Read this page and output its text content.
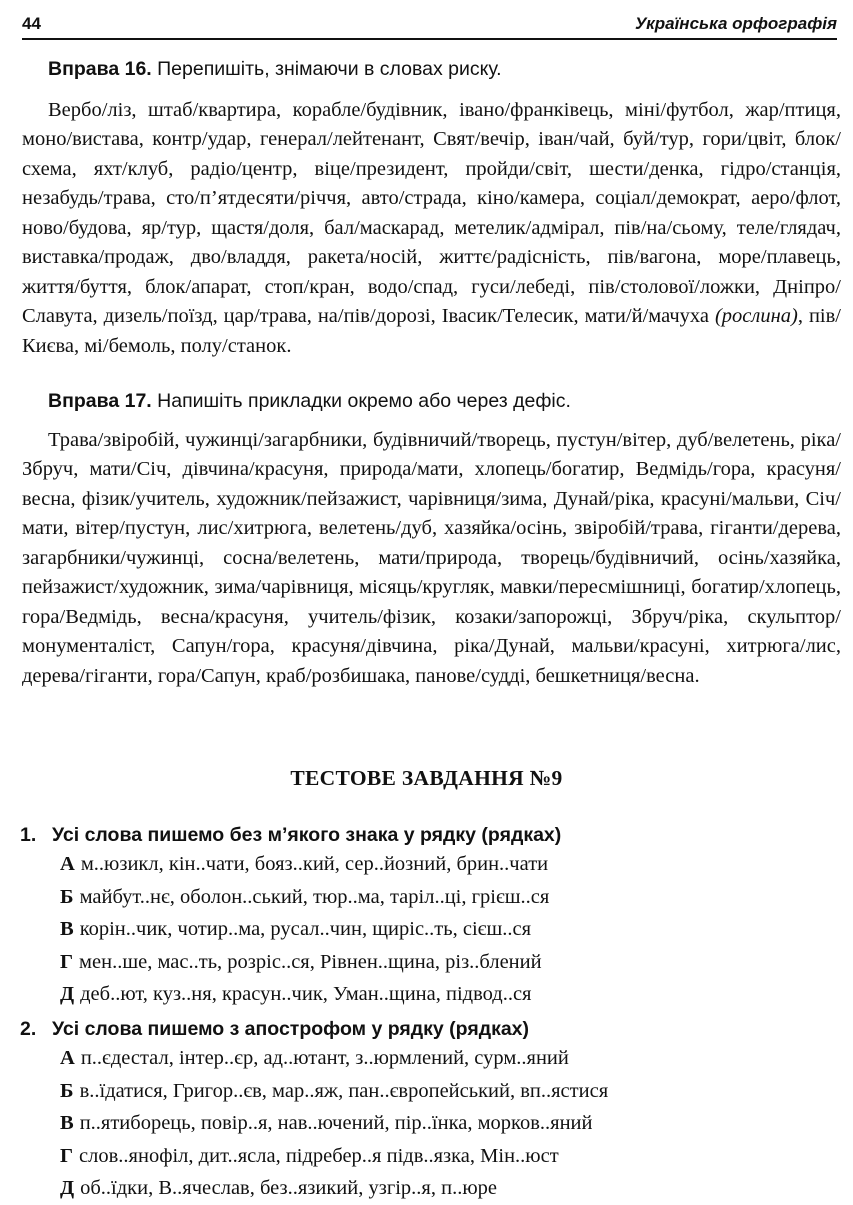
44	Українська орфографія
Вправа 16. Перепишіть, знімаючи в словах риску.

Вербо/ліз, штаб/квартира, корабле/будівник, івано/франківець, міні/футбол, жар/птиця, моно/вистава, контр/удар, генерал/лейтенант, Свят/вечір, іван/чай, буй/тур, гори/цвіт, блок/схема, яхт/клуб, радіо/центр, віце/президент, пройди/світ, шести/денка, гідро/станція, незабудь/трава, сто/п’ятдесяти/річчя, авто/страда, кіно/камера, соціал/демократ, аеро/флот, ново/будова, яр/тур, щастя/доля, бал/маскарад, метелик/адмірал, пів/на/сьому, теле/глядач, виставка/продаж, дво/владдя, ракета/носій, життє/радісність, пів/вагона, море/плавець, життя/буття, блок/апарат, стоп/кран, водо/спад, гуси/лебеді, пів/столової/ложки, Дніпро/Славута, дизель/поїзд, цар/трава, на/пів/дорозі, Івасик/Телесик, мати/й/мачуха (рослина), пів/Києва, мі/бемоль, полу/станок.

Вправа 17. Напишіть прикладки окремо або через дефіс.

Трава/звіробій, чужинці/загарбники, будівничий/творець, пустун/вітер, дуб/велетень, ріка/Збруч, мати/Січ, дівчина/красуня, природа/мати, хлопець/богатир, Ведмідь/гора, красуня/весна, фізик/учитель, художник/пейзажист, чарівниця/зима, Дунай/ріка, красуні/мальви, Січ/мати, вітер/пустун, лис/хитрюга, велетень/дуб, хазяйка/осінь, звіробій/трава, гіганти/дерева, загарбники/чужинці, сосна/велетень, мати/природа, творець/будівничий, осінь/хазяйка, пейзажист/художник, зима/чарівниця, місяць/кругляк, мавки/пересмішниці, богатир/хлопець, гора/Ведмідь, весна/красуня, учитель/фізик, козаки/запорожці, Збруч/ріка, скульптор/монументаліст, Сапун/гора, красуня/дівчина, ріка/Дунай, мальви/красуні, хитрюга/лис, дерева/гіганти, гора/Сапун, краб/розбишака, панове/судді, бешкетниця/весна.

ТЕСТОВЕ ЗАВДАННЯ №9
1. Усі слова пишемо без м’якого знака у рядку (рядках)
А м..юзикл, кін..чати, бояз..кий, сер..йозний, брин..чати
Б майбут..нє, оболон..ський, тюр..ма, таріл..ці, грієш..ся
В корін..чик, чотир..ма, русал..чин, щиріс..ть, сієш..ся
Г мен..ше, мас..ть, розріс..ся, Рівнен..щина, різ..блений
Д деб..ют, куз..ня, красун..чик, Уман..щина, підвод..ся
2. Усі слова пишемо з апострофом у рядку (рядках)
А п..єдестал, інтер..єр, ад..ютант, з..юрмлений, сурм..яний
Б в..їдатися, Григор..єв, мар..яж, пан..європейський, вп..ястися
В п..ятиборець, повір..я, нав..ючений, пір..їнка, морков..яний
Г слов..янофіл, дит..ясла, підребер..я підв..язка, Мін..юст
Д об..їдки, В..ячеслав, без..язикий, узгір..я, п..юре
